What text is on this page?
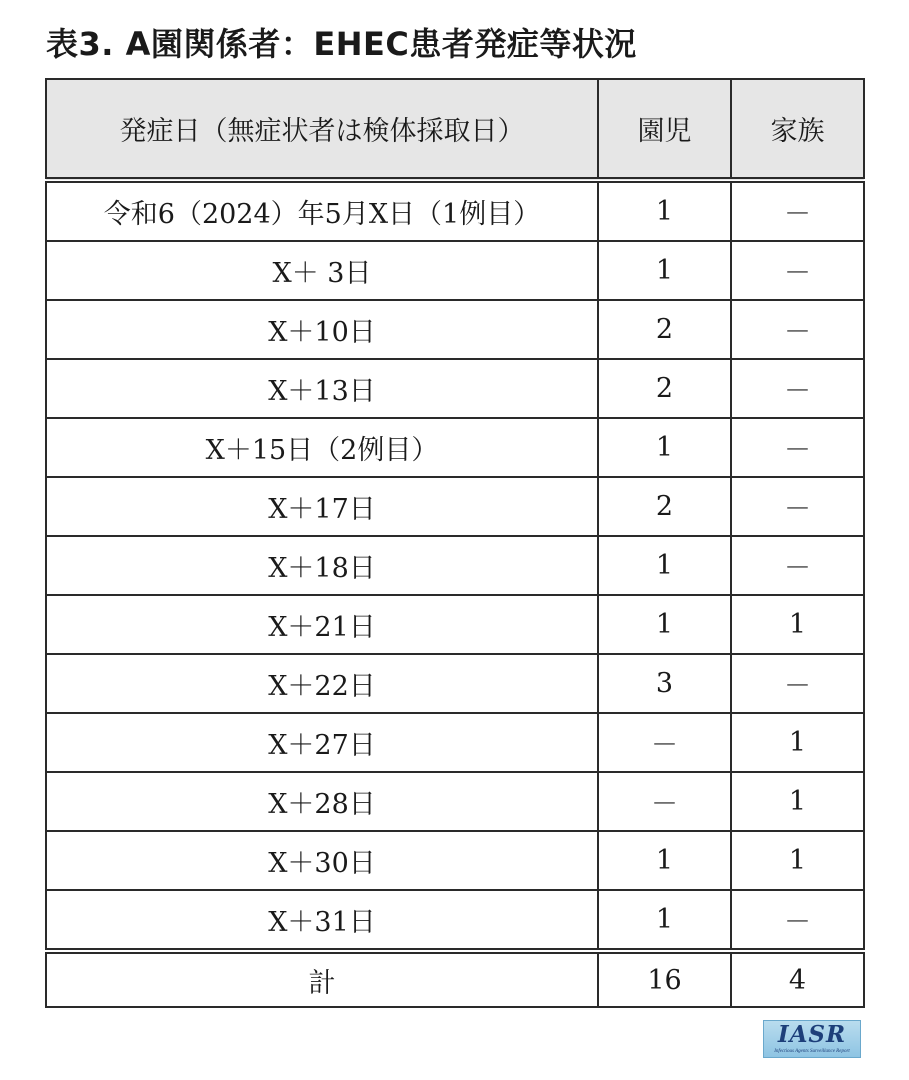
表3. A園関係者：EHEC患者発症等状況
発症日（無症状者は検体採取日）	園児	家族
令和6（2024）年5月X日（1例目）	1	－
X＋ 3日	1	－
X＋10日	2	－
X＋13日	2	－
X＋15日（2例目）	1	－
X＋17日	2	－
X＋18日	1	－
X＋21日	1	1
X＋22日	3	－
X＋27日	－	1
X＋28日	－	1
X＋30日	1	1
X＋31日	1	－
計	16	4
IASR
Infectious Agents Surveillance Report
